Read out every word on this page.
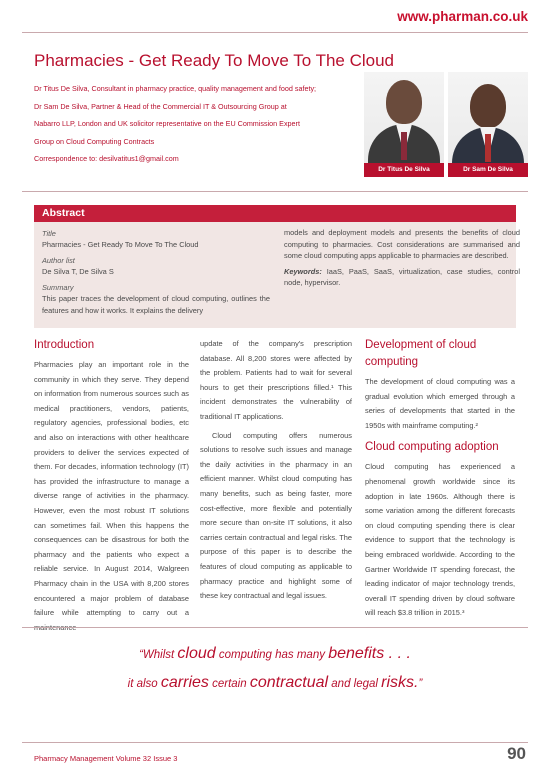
www.pharman.co.uk
Pharmacies - Get Ready To Move To The Cloud
Dr Titus De Silva, Consultant in pharmacy practice, quality management and food safety;
Dr Sam De Silva, Partner & Head of the Commercial IT & Outsourcing Group at
Nabarro LLP, London and UK solicitor representative on the EU Commission Expert
Group on Cloud Computing Contracts
Correspondence to: desilvatitus1@gmail.com
Dr Titus De Silva	Dr Sam De Silva
Abstract
Title
Pharmacies - Get Ready To Move To The Cloud
Author list
De Silva T, De Silva S
Summary
This paper traces the development of cloud computing, outlines the features and how it works. It explains the delivery
models and deployment models and presents the benefits of cloud computing to pharmacies. Cost considerations are summarised and some cloud computing apps applicable to pharmacies are described.
Keywords: IaaS, PaaS, SaaS, virtualization, case studies, control node, hypervisor.
Introduction

Pharmacies play an important role in the community in which they serve. They depend on information from numerous sources such as medical practitioners, vendors, patients, regulatory agencies, professional bodies, etc and also on interactions with other healthcare providers to deliver the services expected of them. For decades, information technology (IT) has provided the infrastructure to manage a diverse range of activities in the pharmacy. However, even the most robust IT solutions can sometimes fail. When this happens the consequences can be disastrous for both the pharmacy and the patients who expect a reliable service. In August 2014, Walgreen Pharmacy chain in the USA with 8,200 stores encountered a major problem of database failure while attempting to carry out a

update of the company's prescription database. All 8,200 stores were affected by the problem. Patients had to wait for several hours to get their prescriptions filled.¹ This incident demonstrates the vulnerability of traditional IT applications.

Cloud computing offers numerous solutions to resolve such issues and manage the daily activities in the pharmacy in an efficient manner. Whilst cloud computing has many benefits, such as being faster, more cost-effective, more flexible and potentially more secure than on-site IT solutions, it also carries certain contractual and legal risks. The purpose of this paper is to describe the features of cloud computing as applicable to pharmacy practice and highlight some of these key contractual and legal issues.

Development of cloud computing

The development of cloud computing was a gradual evolution which emerged through a series of developments that started in the 1950s with mainframe computing.²

Cloud computing adoption

Cloud computing has experienced a phenomenal growth worldwide since its adoption in late 1960s. Although there is some variation among the different forecasts on cloud computing spending there is clear evidence to support that the technology is being embraced worldwide. According to the Gartner Worldwide IT spending forecast, the leading indicator of major technology trends, overall IT spending driven by cloud software will reach $3.8 trillion in 2015.³

“Whilst cloud computing has many benefits . . .
it also carries certain contractual and legal risks.”
Pharmacy Management Volume 32 Issue 3	90
